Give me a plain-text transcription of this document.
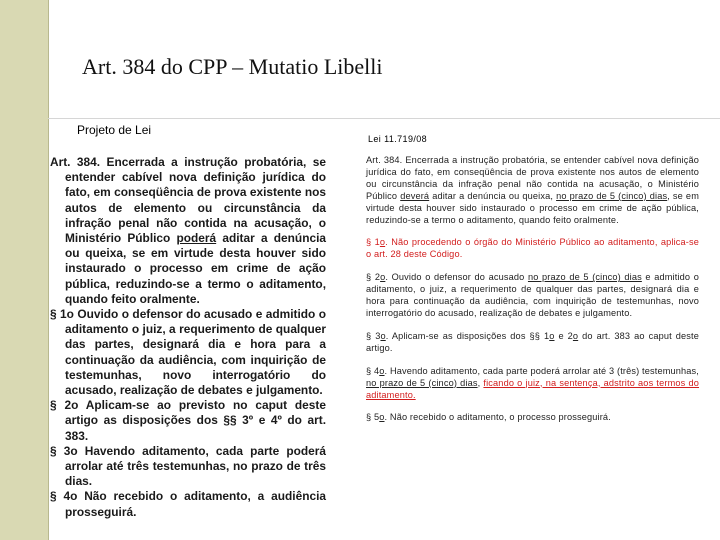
Art. 384 do CPP – Mutatio Libelli
Projeto de Lei
Lei 11.719/08

Art. 384. Encerrada a instrução probatória, se entender cabível nova definição jurídica do fato, em conseqüência de prova existente nos autos de elemento ou circunstância da infração penal não contida na acusação, o Ministério Público poderá aditar a denúncia ou queixa, se em virtude desta houver sido instaurado o processo em crime de ação pública, reduzindo-se a termo o aditamento, quando feito oralmente.

§ 1o Ouvido o defensor do acusado e admitido o aditamento o juiz, a requerimento de qualquer das partes, designará dia e hora para a continuação da audiência, com inquirição de testemunhas, novo interrogatório do acusado, realização de debates e julgamento.

§ 2o Aplicam-se ao previsto no caput deste artigo as disposições dos §§ 3º e 4º do art. 383.

§ 3o Havendo aditamento, cada parte poderá arrolar até três testemunhas, no prazo de três dias.

§ 4o Não recebido o aditamento, a audiência prosseguirá.

Art. 384. Encerrada a instrução probatória, se entender cabível nova definição jurídica do fato, em conseqüência de prova existente nos autos de elemento ou circunstância da infração penal não contida na acusação, o Ministério Público deverá aditar a denúncia ou queixa, no prazo de 5 (cinco) dias, se em virtude desta houver sido instaurado o processo em crime de ação pública, reduzindo-se a termo o aditamento, quando feito oralmente.

§ 1o. Não procedendo o órgão do Ministério Público ao aditamento, aplica-se o art. 28 deste Código.

§ 2o. Ouvido o defensor do acusado no prazo de 5 (cinco) dias e admitido o aditamento, o juiz, a requerimento de qualquer das partes, designará dia e hora para continuação da audiência, com inquirição de testemunhas, novo interrogatório do acusado, realização de debates e julgamento.

§ 3o. Aplicam-se as disposições dos §§ 1o e 2o do art. 383 ao caput deste artigo.

§ 4o. Havendo aditamento, cada parte poderá arrolar até 3 (três) testemunhas, no prazo de 5 (cinco) dias, ficando o juiz, na sentença, adstrito aos termos do aditamento.

§ 5o. Não recebido o aditamento, o processo prosseguirá.
